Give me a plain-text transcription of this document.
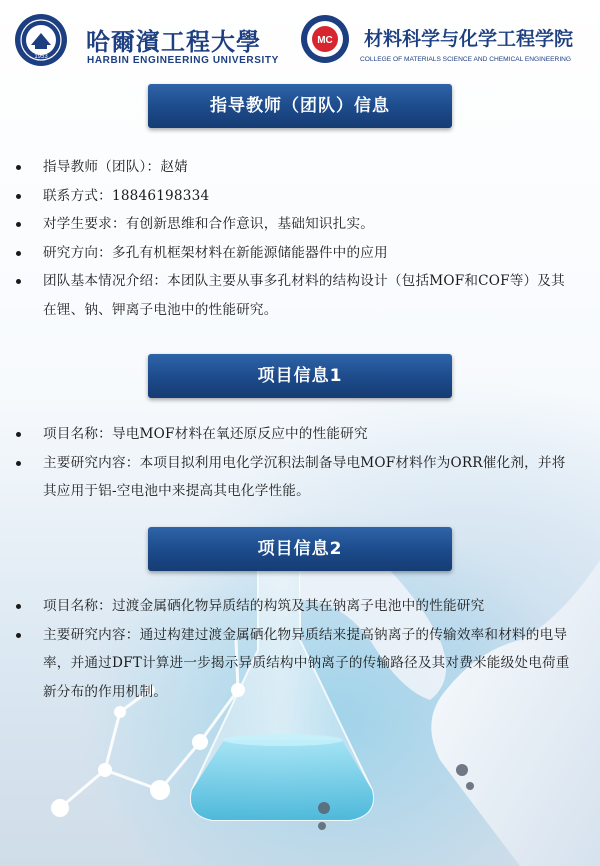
1953
哈爾濱工程大學
HARBIN ENGINEERING UNIVERSITY
MC 材料科学与化学工程学院
COLLEGE OF MATERIALS SCIENCE AND CHEMICAL ENGINEERING
指导教师（团队）信息
指导教师（团队）：赵婧
联系方式：18846198334
对学生要求：有创新思维和合作意识，基础知识扎实。
研究方向：多孔有机框架材料在新能源储能器件中的应用
团队基本情况介绍：本团队主要从事多孔材料的结构设计（包括MOF和COF等）及其在锂、钠、钾离子电池中的性能研究。
项目信息1
项目名称：导电MOF材料在氧还原反应中的性能研究
主要研究内容：本项目拟利用电化学沉积法制备导电MOF材料作为ORR催化剂，并将其应用于铝-空电池中来提高其电化学性能。
项目信息2
项目名称：过渡金属硒化物异质结的构筑及其在钠离子电池中的性能研究
主要研究内容：通过构建过渡金属硒化物异质结来提高钠离子的传输效率和材料的电导率，并通过DFT计算进一步揭示异质结构中钠离子的传输路径及其对费米能级处电荷重新分布的作用机制。
